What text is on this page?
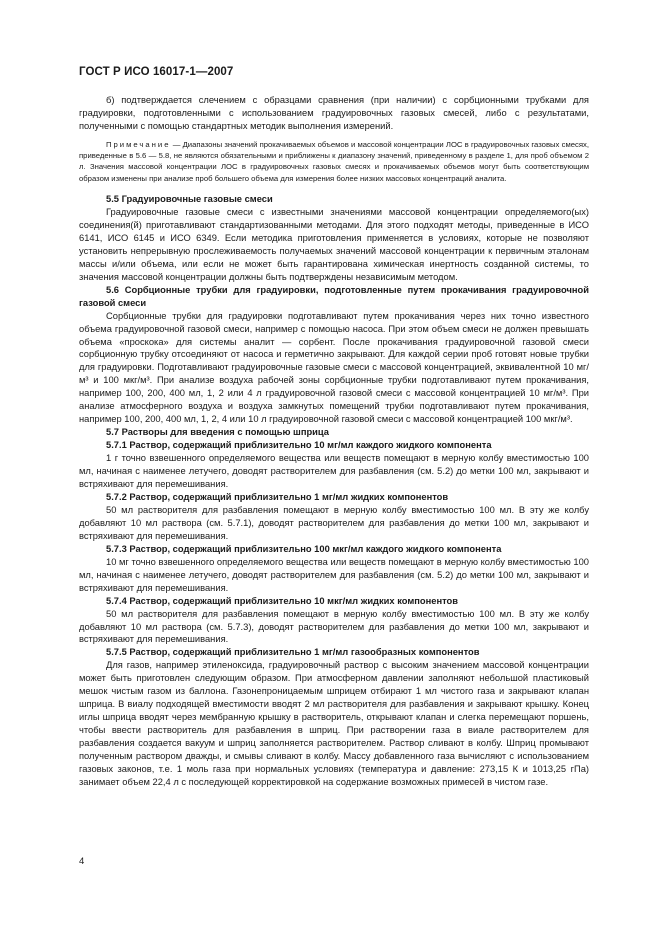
ГОСТ Р ИСО 16017-1—2007

б) подтверждается слечением с образцами сравнения (при наличии) с сорбционными трубками для градуировки, подготовленными с использованием градуировочных газовых смесей, либо с результатами, полученными с помощью стандартных методик выполнения измерений.

Примечание — Диапазоны значений прокачиваемых объемов и массовой концентрации ЛОС в градуировочных газовых смесях, приведенные в 5.6 — 5.8, не являются обязательными и приближены к диапазону значений, приведенному в разделе 1, для проб объемом 2 л. Значения массовой концентрации ЛОС в градуировочных газовых смесях и прокачиваемых объемов могут быть соответствующим образом изменены при анализе проб большего объема для измерения более низких массовых концентраций аналита.

5.5 Градуировочные газовые смеси

Градуировочные газовые смеси с известными значениями массовой концентрации определяемого(ых) соединения(й) приготавливают стандартизованными методами. Для этого подходят методы, приведенные в ИСО 6141, ИСО 6145 и ИСО 6349. Если методика приготовления применяется в условиях, которые не позволяют установить непрерывную прослеживаемость получаемых значений массовой концентрации к первичным эталонам массы и/или объема, или если не может быть гарантирована химическая инертность созданной системы, то значения массовой концентрации должны быть подтверждены независимым методом.

5.6 Сорбционные трубки для градуировки, подготовленные путем прокачивания градуировочной газовой смеси

Сорбционные трубки для градуировки подготавливают путем прокачивания через них точно известного объема градуировочной газовой смеси, например с помощью насоса. При этом объем смеси не должен превышать объема «проскока» для системы аналит — сорбент. После прокачивания градуировочной газовой смеси сорбционную трубку отсоединяют от насоса и герметично закрывают. Для каждой серии проб готовят новые трубки для градуировки. Подготавливают градуировочные газовые смеси с массовой концентрацией, эквивалентной 10 мг/м³ и 100 мкг/м³. При анализе воздуха рабочей зоны сорбционные трубки подготавливают путем прокачивания, например 100, 200, 400 мл, 1, 2 или 4 л градуировочной газовой смеси с массовой концентрацией 10 мг/м³. При анализе атмосферного воздуха и воздуха замкнутых помещений трубки подготавливают путем прокачивания, например 100, 200, 400 мл, 1, 2, 4 или 10 л градуировочной газовой смеси с массовой концентрацией 100 мкг/м³.

5.7 Растворы для введения с помощью шприца
5.7.1 Раствор, содержащий приблизительно 10 мг/мл каждого жидкого компонента

1 г точно взвешенного определяемого вещества или веществ помещают в мерную колбу вместимостью 100 мл, начиная с наименее летучего, доводят растворителем для разбавления (см. 5.2) до метки 100 мл, закрывают и встряхивают для перемешивания.

5.7.2 Раствор, содержащий приблизительно 1 мг/мл жидких компонентов

50 мл растворителя для разбавления помещают в мерную колбу вместимостью 100 мл. В эту же колбу добавляют 10 мл раствора (см. 5.7.1), доводят растворителем для разбавления до метки 100 мл, закрывают и встряхивают для перемешивания.

5.7.3 Раствор, содержащий приблизительно 100 мкг/мл каждого жидкого компонента

10 мг точно взвешенного определяемого вещества или веществ помещают в мерную колбу вместимостью 100 мл, начиная с наименее летучего, доводят растворителем для разбавления (см. 5.2) до метки 100 мл, закрывают и встряхивают для перемешивания.

5.7.4 Раствор, содержащий приблизительно 10 мкг/мл жидких компонентов

50 мл растворителя для разбавления помещают в мерную колбу вместимостью 100 мл. В эту же колбу добавляют 10 мл раствора (см. 5.7.3), доводят растворителем для разбавления до метки 100 мл, закрывают и встряхивают для перемешивания.

5.7.5 Раствор, содержащий приблизительно 1 мг/мл газообразных компонентов

Для газов, например этиленоксида, градуировочный раствор с высоким значением массовой концентрации может быть приготовлен следующим образом. При атмосферном давлении заполняют небольшой пластиковый мешок чистым газом из баллона. Газонепроницаемым шприцем отбирают 1 мл чистого газа и закрывают клапан шприца. В виалу подходящей вместимости вводят 2 мл растворителя для разбавления и закрывают крышку. Конец иглы шприца вводят через мембранную крышку в растворитель, открывают клапан и слегка перемещают поршень, чтобы ввести растворитель для разбавления в шприц. При растворении газа в виале растворителем для разбавления создается вакуум и шприц заполняется растворителем. Раствор сливают в колбу. Шприц промывают полученным раствором дважды, и смывы сливают в колбу. Массу добавленного газа вычисляют с использованием газовых законов, т.е. 1 моль газа при нормальных условиях (температура и давление: 273,15 К и 1013,25 гПа) занимает объем 22,4 л с последующей корректировкой на содержание возможных примесей в чистом газе.

4
